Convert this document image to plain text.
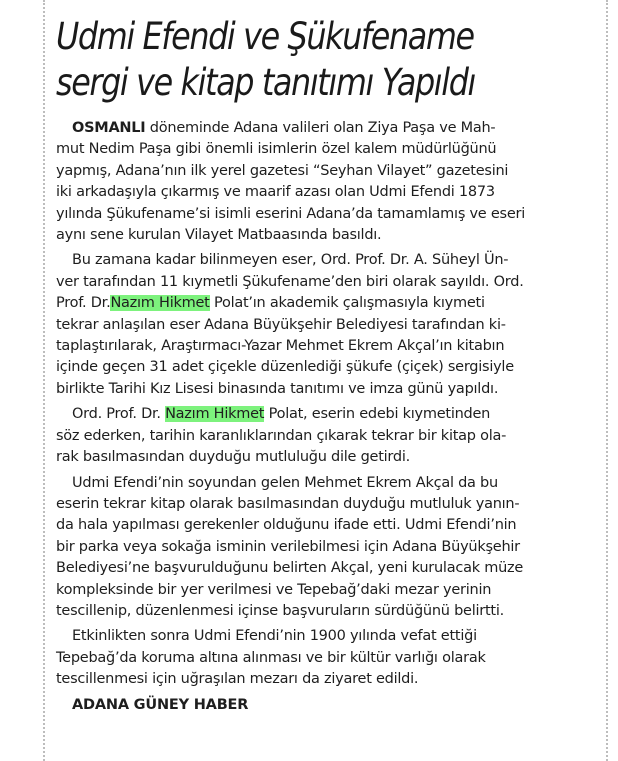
Udmi Efendi ve Şükufename
sergi ve kitap tanıtımı Yapıldı

OSMANLI döneminde Adana valileri olan Ziya Paşa ve Mah-
mut Nedim Paşa gibi önemli isimlerin özel kalem müdürlüğünü
yapmış, Adana’nın ilk yerel gazetesi “Seyhan Vilayet” gazetesini
iki arkadaşıyla çıkarmış ve maarif azası olan Udmi Efendi 1873
yılında Şükufename’si isimli eserini Adana’da tamamlamış ve eseri
aynı sene kurulan Vilayet Matbaasında basıldı.

Bu zamana kadar bilinmeyen eser, Ord. Prof. Dr. A. Süheyl Ün-
ver tarafından 11 kıymetli Şükufename’den biri olarak sayıldı. Ord.
Prof. Dr.Nazım Hikmet Polat’ın akademik çalışmasıyla kıymeti
tekrar anlaşılan eser Adana Büyükşehir Belediyesi tarafından ki-
taplaştırılarak, Araştırmacı-Yazar Mehmet Ekrem Akçal’ın kitabın
içinde geçen 31 adet çiçekle düzenlediği şükufe (çiçek) sergisiyle
birlikte Tarihi Kız Lisesi binasında tanıtımı ve imza günü yapıldı.

Ord. Prof. Dr. Nazım Hikmet Polat, eserin edebi kıymetinden
söz ederken, tarihin karanlıklarından çıkarak tekrar bir kitap ola-
rak basılmasından duyduğu mutluluğu dile getirdi.

Udmi Efendi’nin soyundan gelen Mehmet Ekrem Akçal da bu
eserin tekrar kitap olarak basılmasından duyduğu mutluluk yanın-
da hala yapılması gerekenler olduğunu ifade etti. Udmi Efendi’nin
bir parka veya sokağa isminin verilebilmesi için Adana Büyükşehir
Belediyesi’ne başvurulduğunu belirten Akçal, yeni kurulacak müze
kompleksinde bir yer verilmesi ve Tepebağ’daki mezar yerinin
tescillenip, düzenlenmesi içinse başvuruların sürdüğünü belirtti.

Etkinlikten sonra Udmi Efendi’nin 1900 yılında vefat ettiği
Tepebağ’da koruma altına alınması ve bir kültür varlığı olarak
tescillenmesi için uğraşılan mezarı da ziyaret edildi.

ADANA GÜNEY HABER
